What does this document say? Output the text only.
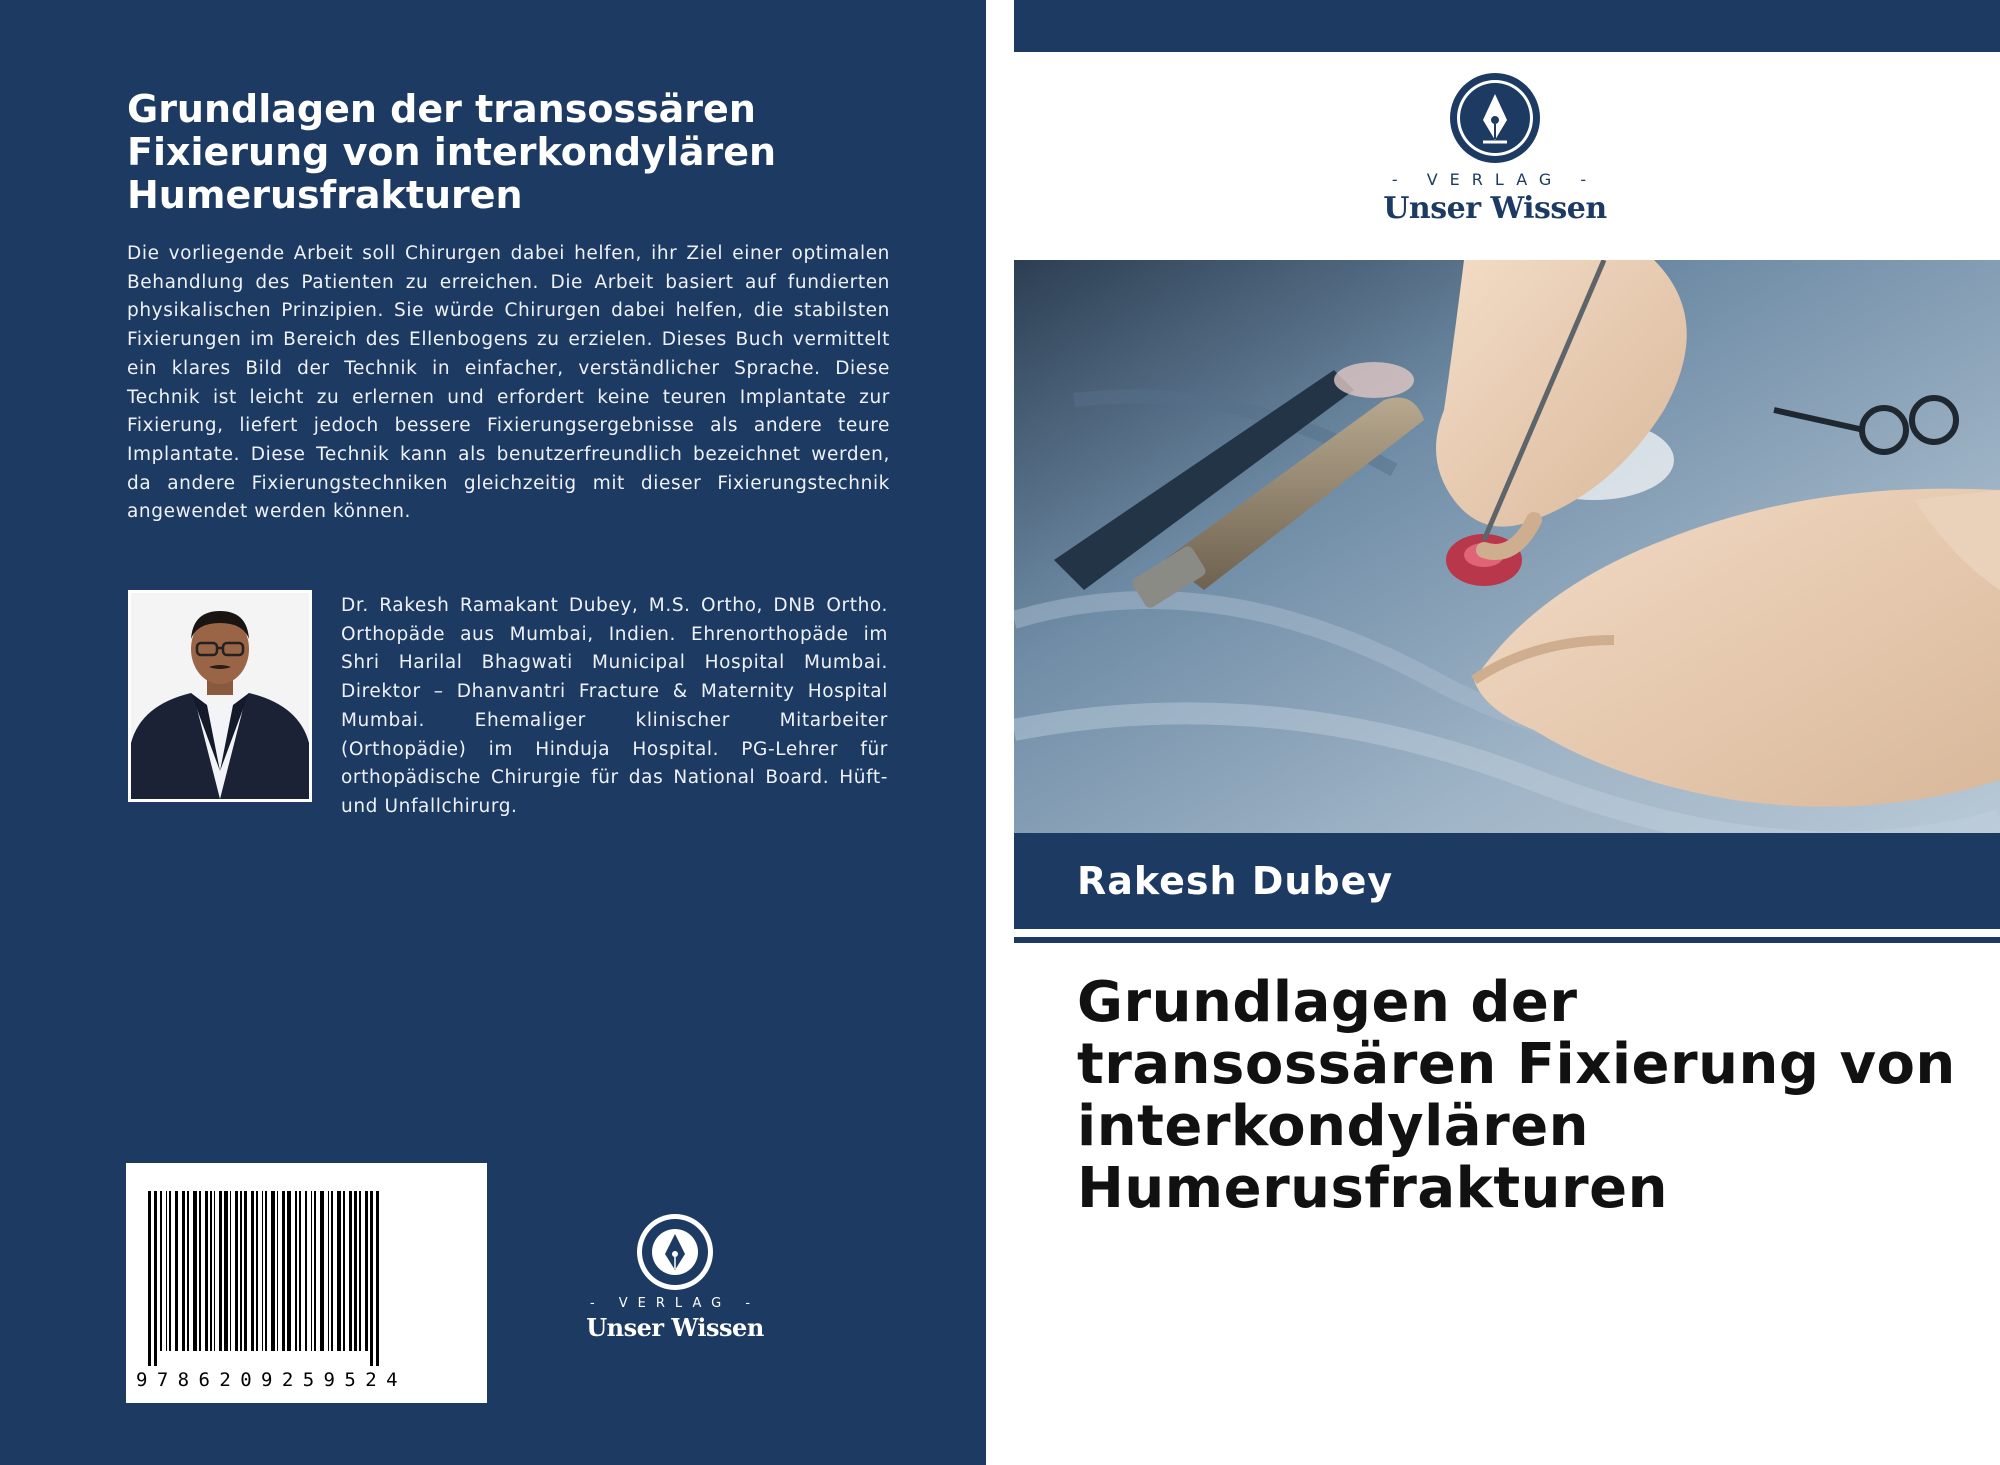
Grundlagen der transossären Fixierung von interkondylären Humerusfrakturen

Die vorliegende Arbeit soll Chirurgen dabei helfen, ihr Ziel einer optimalen Behandlung des Patienten zu erreichen. Die Arbeit basiert auf fundierten physikalischen Prinzipien. Sie würde Chirurgen dabei helfen, die stabilsten Fixierungen im Bereich des Ellenbogens zu erzielen. Dieses Buch vermittelt ein klares Bild der Technik in einfacher, verständlicher Sprache. Diese Technik ist leicht zu erlernen und erfordert keine teuren Implantate zur Fixierung, liefert jedoch bessere Fixierungsergebnisse als andere teure Implantate. Diese Technik kann als benutzerfreundlich bezeichnet werden, da andere Fixierungstechniken gleichzeitig mit dieser Fixierungstechnik angewendet werden können.

Dr. Rakesh Ramakant Dubey, M.S. Ortho, DNB Ortho. Orthopäde aus Mumbai, Indien. Ehrenorthopäde im Shri Harilal Bhagwati Municipal Hospital Mumbai. Direktor – Dhanvantri Fracture & Maternity Hospital Mumbai. Ehemaliger klinischer Mitarbeiter (Orthopädie) im Hinduja Hospital. PG-Lehrer für orthopädische Chirurgie für das National Board. Hüft- und Unfallchirurg.

9786209259524
- VERLAG -
Unser Wissen
- VERLAG -
Unser Wissen
Rakesh Dubey
Grundlagen der transossären Fixierung von interkondylären Humerusfrakturen
